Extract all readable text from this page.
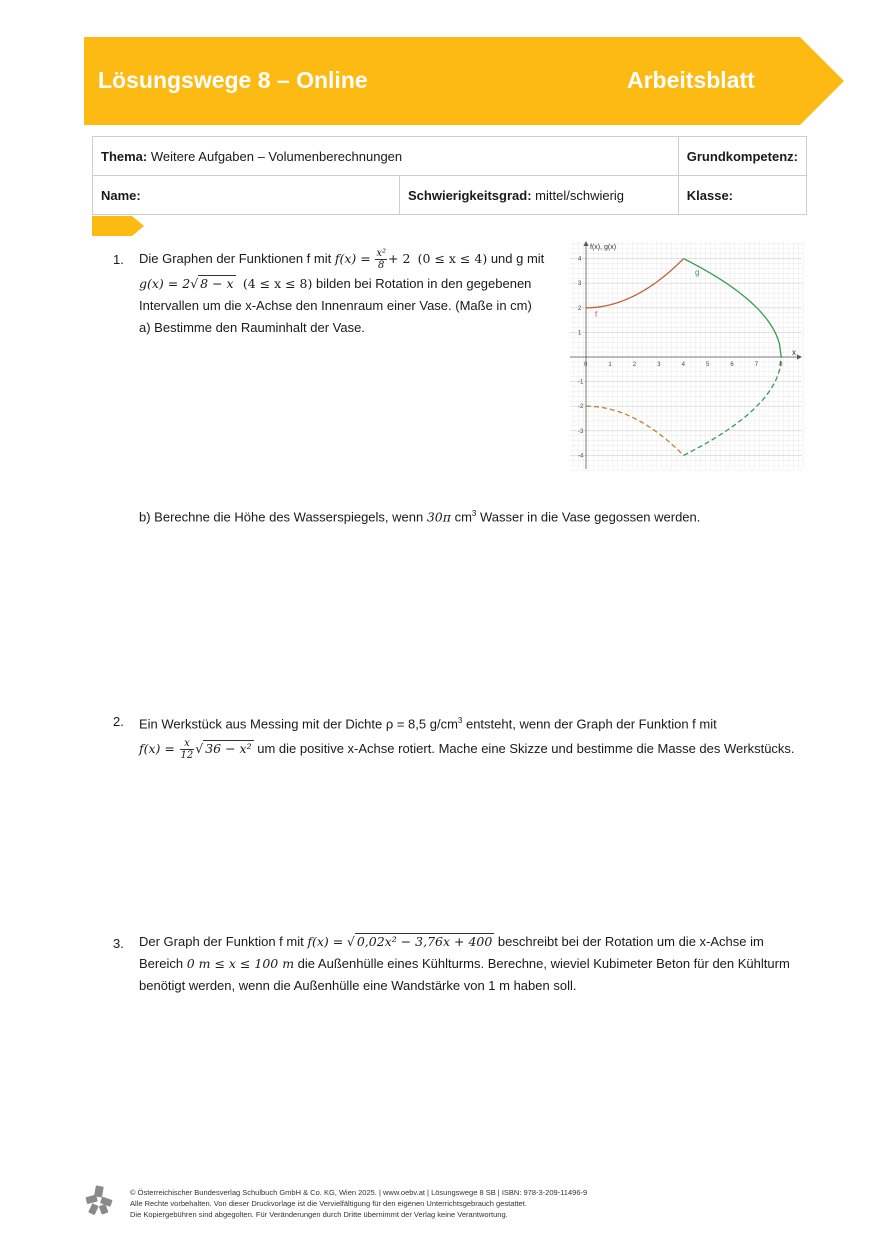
Lösungswege 8 – Online	Arbeitsblatt
Thema: Weitere Aufgaben – Volumenberechnungen		Grundkompetenz:
Name:	Schwierigkeitsgrad: mittel/schwierig	Klasse:
1. Die Graphen der Funktionen f mit $f(x) = \frac{\text{x²}}{8} + 2$ (0 ≤ x ≤ 4) und g mit
g(x) = 2√ 8 − x (4 ≤ x ≤ 8) bilden bei Rotation in den gegebenen
Intervallen um die x-Achse den Innenraum einer Vase. (Maße in cm)
a) Bestimme den Rauminhalt der Vase.
f(x), g(x)
x
f
g
0	1	2	3	4	5	6	7	8
4
3
2
1
-1
-2
-3
-4
b) Berechne die Höhe des Wasserspiegels, wenn 30π $cm^3$ Wasser in die Vase gegossen werden.
2. Ein Werkstück aus Messing mit der Dichte ρ = 8,5 $g/cm^3$ entsteht, wenn der Graph der Funktion f mit
$f(x) = \frac{x}{12}$ √ 36 − x² um die positive x-Achse rotiert. Mache eine Skizze und bestimme die Masse des Werkstücks.
3. Der Graph der Funktion f mit f(x) = √ 0,02x² − 3,76x + 400 beschreibt bei der Rotation um die x-Achse im
Bereich 0 m ≤ x ≤ 100 m die Außenhülle eines Kühlturms. Berechne, wieviel Kubimeter Beton für den Kühlturm
benötigt werden, wenn die Außenhülle eine Wandstärke von 1 m haben soll.
© Österreichischer Bundesverlag Schulbuch GmbH & Co. KG, Wien 2025. | www.oebv.at | Lösungswege 8 SB | ISBN: 978-3-209-11496-9
Alle Rechte vorbehalten. Von dieser Druckvorlage ist die Vervielfältigung für den eigenen Unterrichtsgebrauch gestattet.
Die Kopiergebühren sind abgegolten. Für Veränderungen durch Dritte übernimmt der Verlag keine Verantwortung.
